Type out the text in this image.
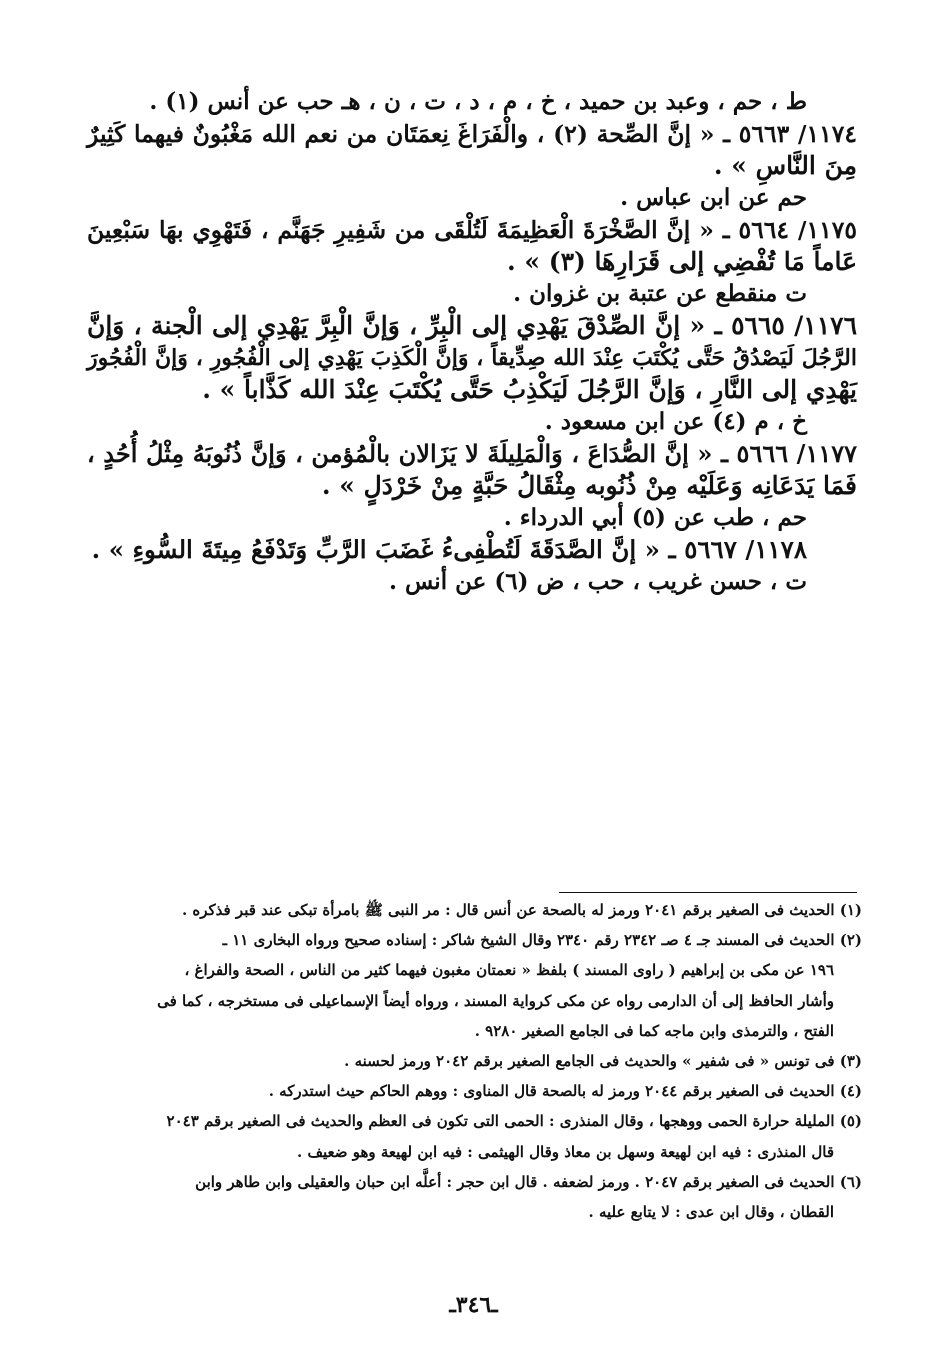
ط ، حم ، وعبد بن حميد ، خ ، م ، د ، ت ، ن ، هـ حب عن أنس (١) .

١١٧٤/ ٥٦٦٣ ـ « إنَّ الصِّحة (٢) ، والْفَرَاغَ نِعمَتَان من نعم الله مَغْبُونٌ فيهما كَثِيرٌ

مِنَ النَّاسِ » .

حم عن ابن عباس .

١١٧٥/ ٥٦٦٤ ـ « إنَّ الصَّخْرَةَ الْعَظِيمَةَ لَتُلْقَى من شَفِيرِ جَهَنَّم ، فَتَهْوِي بهَا سَبْعِينَ

عَاماً مَا تُفْضِي إلى قَرَارِهَا (٣) » .

ت منقطع عن عتبة بن غزوان .

١١٧٦/ ٥٦٦٥ ـ « إنَّ الصِّدْقَ يَهْدِي إلى الْبِرِّ ، وَإنَّ الْبِرَّ يَهْدِي إلى الْجنة ، وَإنَّ

الرَّجُلَ لَيَصْدُقُ حَتَّى يُكْتَبَ عِنْدَ الله صِدِّيقاً ، وَإنَّ الْكَذِبَ يَهْدِي إلى الْفُجُورِ ، وَإنَّ الْفُجُورَ

يَهْدِي إلى النَّارِ ، وَإنَّ الرَّجُلَ لَيَكْذِبُ حَتَّى يُكْتَبَ عِنْدَ الله كَذَّاباً » .

خ ، م (٤) عن ابن مسعود .

١١٧٧/ ٥٦٦٦ ـ « إنَّ الصُّدَاعَ ، وَالْمَلِيلَةَ لا يَزَالان بالْمُؤمن ، وَإنَّ ذُنُوبَهُ مِثْلُ أُحُدٍ ،

فَمَا يَدَعَانِه وَعَلَيْه مِنْ ذُنُوبه مِثْقَالُ حَبَّةٍ مِنْ خَرْدَلٍ » .

حم ، طب عن (٥) أبي الدرداء .

١١٧٨/ ٥٦٦٧ ـ « إنَّ الصَّدَقَةَ لَتُطْفِىءُ غَضَبَ الرَّبِّ وَتَدْفَعُ مِيتَةَ السُّوءِ » .

ت ، حسن غريب ، حب ، ض (٦) عن أنس .

(١) الحديث فى الصغير برقم ٢٠٤١ ورمز له بالصحة عن أنس قال : مر النبى ﷺ بامرأة تبكى عند قبر فذكره .

(٢) الحديث فى المسند جـ ٤ صـ ٢٣٤٢ رقم ٢٣٤٠ وقال الشيخ شاكر : إسناده صحيح ورواه البخارى ١١ ـ

١٩٦ عن مكى بن إبراهيم ( راوى المسند ) بلفظ « نعمتان مغبون فيهما كثير من الناس ، الصحة والفراغ ،

وأشار الحافظ إلى أن الدارمى رواه عن مكى كرواية المسند ، ورواه أيضاً الإسماعيلى فى مستخرجه ، كما فى

الفتح ، والترمذى وابن ماجه كما فى الجامع الصغير ٩٢٨٠ .

(٣) فى تونس « فى شفير » والحديث فى الجامع الصغير برقم ٢٠٤٢ ورمز لحسنه .

(٤) الحديث فى الصغير برقم ٢٠٤٤ ورمز له بالصحة قال المناوى : ووهم الحاكم حيث استدركه .

(٥) المليلة حرارة الحمى ووهجها ، وقال المنذرى : الحمى التى تكون فى العظم والحديث فى الصغير برقم ٢٠٤٣

قال المنذرى : فيه ابن لهيعة وسهل بن معاذ وقال الهيثمى : فيه ابن لهيعة وهو ضعيف .

(٦) الحديث فى الصغير برقم ٢٠٤٧ . ورمز لضعفه . قال ابن حجر : أعلَّه ابن حبان والعقيلى وابن طاهر وابن

القطان ، وقال ابن عدى : لا يتابع عليه .

ـ٣٤٦ـ
